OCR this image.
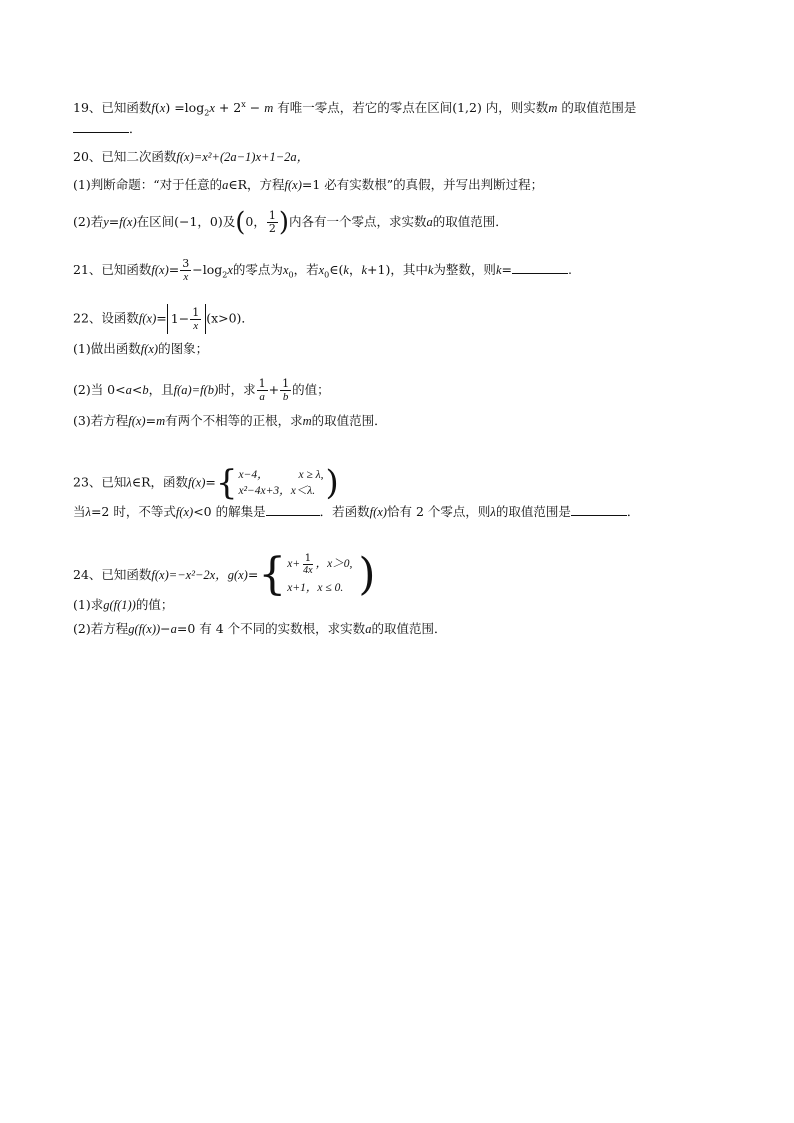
19、已知函数$f(x) =\log_2x + 2^x - m$ 有唯一零点，若它的零点在区间(1,2) 内，则实数m 的取值范围是
．
20、已知二次函数f(x)=x²+(2a−1)x+1−2a，
(1)判断命题：“对于任意的a∈R，方程f(x)=1 必有实数根”的真假，并写出判断过程；
(2)若y=f(x)在区间(−1，0)及(0， $\frac{1}{2}$ )内各有一个零点，求实数a的取值范围．
21、已知函数$f(x)= \frac{3}{x} -\log_2x$的零点为$x_0$，若$x_0\in(k$，k+1)，其中k为整数，则k=	.
22、设函数$f(x)= 1- \frac{1}{x} (x>0)$．
(1)做出函数f(x)的图象；
(2)当 0<a<b，且f(a)=f(b)时，求 $\frac{1}{a} + \frac{1}{b}$ 的值；
(3)若方程f(x)=m有两个不相等的正根，求m的取值范围．
23、已知λ∈R，函数f(x)= { x−4，	x ≥ λ,
x²−4x+3，x＜λ. )
当λ=2 时，不等式f(x)<0 的解集是	．若函数f(x)恰有 2 个零点，则λ的取值范围是	．
24、已知函数f(x)=−x²−2x，g(x)= { $x+ \frac{1}{4x}$ ，x＞0,
x+1，x ≤ 0. )
(1)求g(f(1))的值；
(2)若方程g(f(x))−a=0 有 4 个不同的实数根，求实数a的取值范围．
